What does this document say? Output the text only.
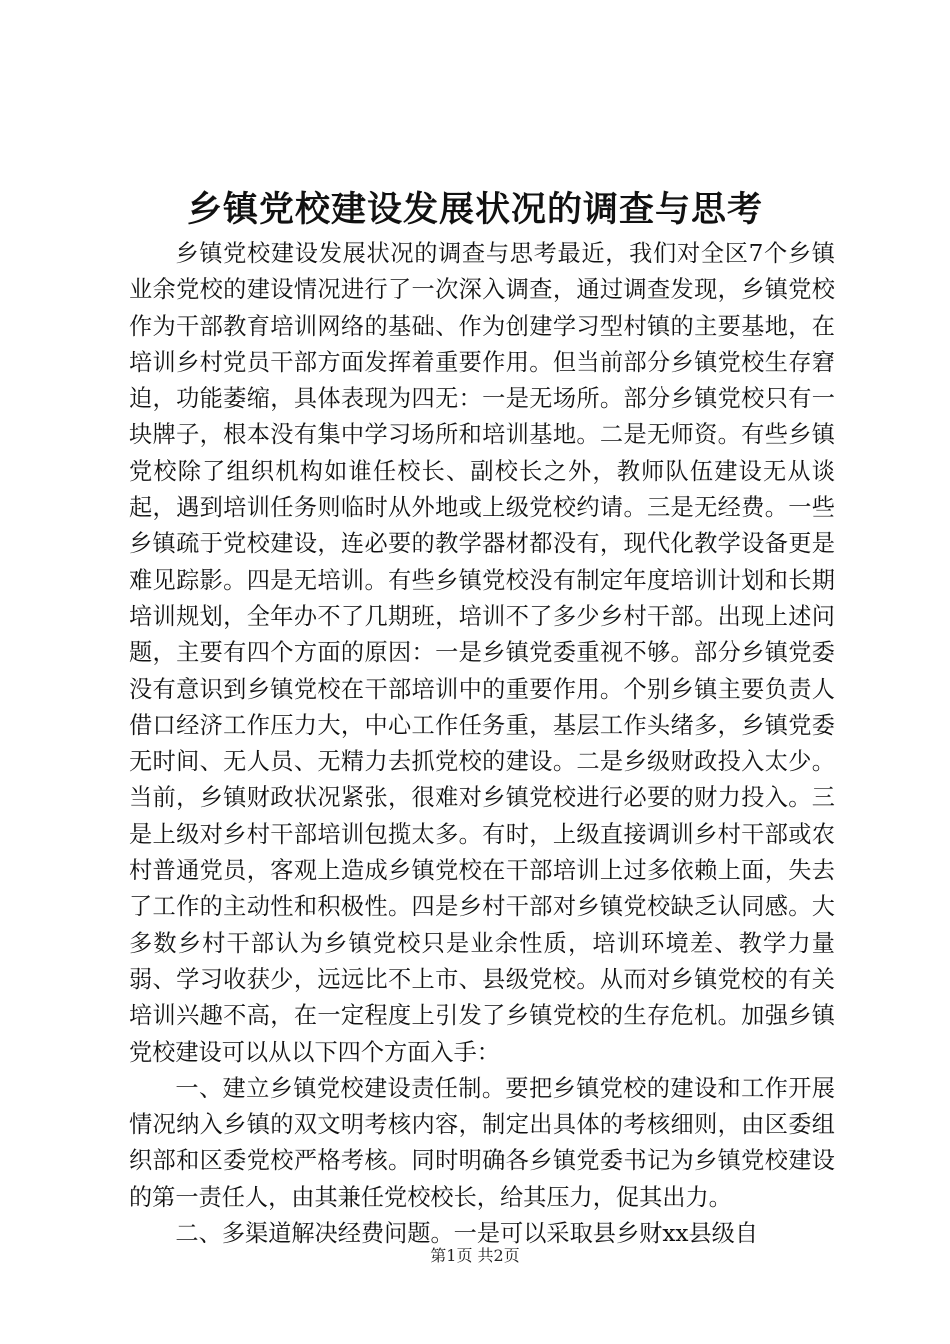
乡镇党校建设发展状况的调查与思考

乡镇党校建设发展状况的调查与思考最近，我们对全区7个乡镇业余党校的建设情况进行了一次深入调查，通过调查发现，乡镇党校作为干部教育培训网络的基础、作为创建学习型村镇的主要基地，在培训乡村党员干部方面发挥着重要作用。但当前部分乡镇党校生存窘迫，功能萎缩，具体表现为四无：一是无场所。部分乡镇党校只有一块牌子，根本没有集中学习场所和培训基地。二是无师资。有些乡镇党校除了组织机构如谁任校长、副校长之外，教师队伍建设无从谈起，遇到培训任务则临时从外地或上级党校约请。三是无经费。一些乡镇疏于党校建设，连必要的教学器材都没有，现代化教学设备更是难见踪影。四是无培训。有些乡镇党校没有制定年度培训计划和长期培训规划，全年办不了几期班，培训不了多少乡村干部。出现上述问题，主要有四个方面的原因：一是乡镇党委重视不够。部分乡镇党委没有意识到乡镇党校在干部培训中的重要作用。个别乡镇主要负责人借口经济工作压力大，中心工作任务重，基层工作头绪多，乡镇党委无时间、无人员、无精力去抓党校的建设。二是乡级财政投入太少。当前，乡镇财政状况紧张，很难对乡镇党校进行必要的财力投入。三是上级对乡村干部培训包揽太多。有时，上级直接调训乡村干部或农村普通党员，客观上造成乡镇党校在干部培训上过多依赖上面，失去了工作的主动性和积极性。四是乡村干部对乡镇党校缺乏认同感。大多数乡村干部认为乡镇党校只是业余性质，培训环境差、教学力量弱、学习收获少，远远比不上市、县级党校。从而对乡镇党校的有关培训兴趣不高，在一定程度上引发了乡镇党校的生存危机。加强乡镇党校建设可以从以下四个方面入手：

一、建立乡镇党校建设责任制。要把乡镇党校的建设和工作开展情况纳入乡镇的双文明考核内容，制定出具体的考核细则，由区委组织部和区委党校严格考核。同时明确各乡镇党委书记为乡镇党校建设的第一责任人，由其兼任党校校长，给其压力，促其出力。

二、多渠道解决经费问题。一是可以采取县乡财xx县级自

第1页 共2页
